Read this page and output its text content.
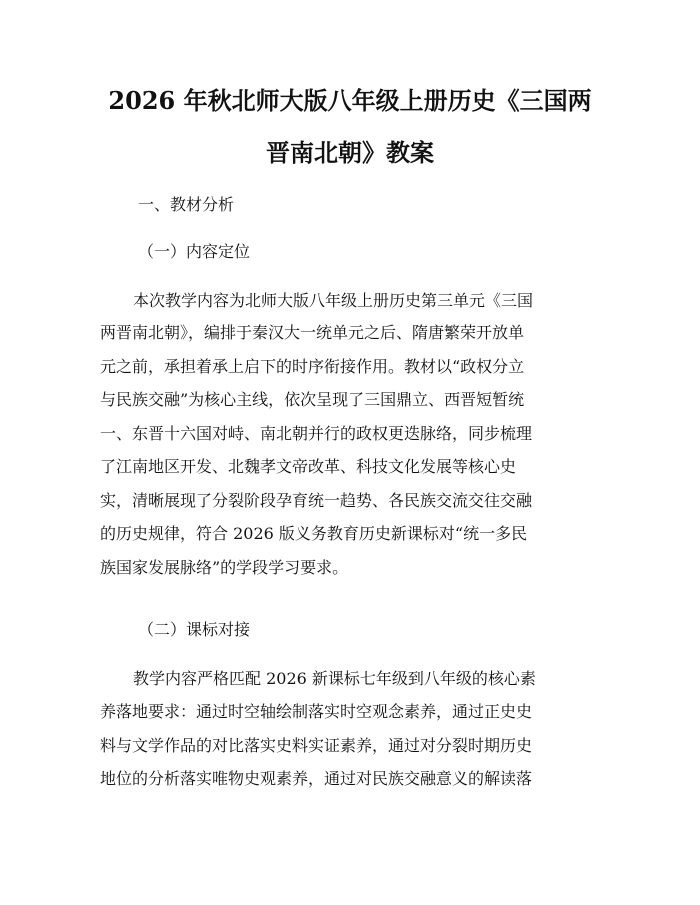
2026 年秋北师大版八年级上册历史《三国两
晋南北朝》教案
一、教材分析
（一）内容定位
本次教学内容为北师大版八年级上册历史第三单元《三国
两晋南北朝》，编排于秦汉大一统单元之后、隋唐繁荣开放单
元之前，承担着承上启下的时序衔接作用。教材以“政权分立
与民族交融”为核心主线，依次呈现了三国鼎立、西晋短暂统
一、东晋十六国对峙、南北朝并行的政权更迭脉络，同步梳理
了江南地区开发、北魏孝文帝改革、科技文化发展等核心史
实，清晰展现了分裂阶段孕育统一趋势、各民族交流交往交融
的历史规律，符合 2026 版义务教育历史新课标对“统一多民
族国家发展脉络”的学段学习要求。
（二）课标对接
教学内容严格匹配 2026 新课标七年级到八年级的核心素
养落地要求：通过时空轴绘制落实时空观念素养，通过正史史
料与文学作品的对比落实史料实证素养，通过对分裂时期历史
地位的分析落实唯物史观素养，通过对民族交融意义的解读落
